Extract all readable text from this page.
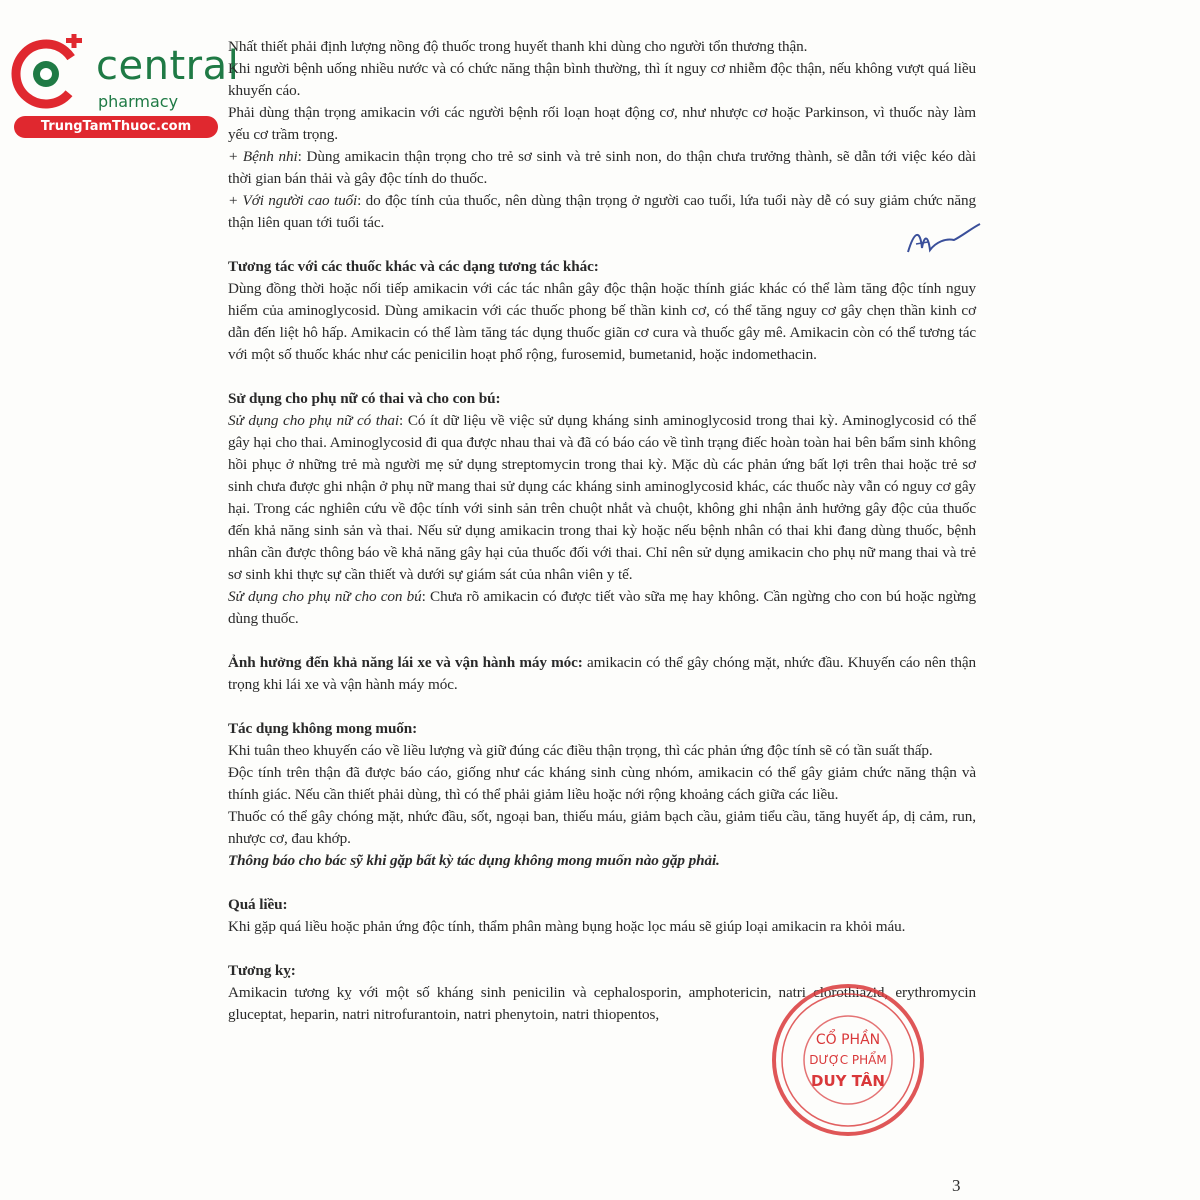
central
pharmacy
TrungTamThuoc.com

Nhất thiết phải định lượng nồng độ thuốc trong huyết thanh khi dùng cho người tổn thương thận.

Khi người bệnh uống nhiều nước và có chức năng thận bình thường, thì ít nguy cơ nhiễm độc thận, nếu không vượt quá liều khuyến cáo.

Phải dùng thận trọng amikacin với các người bệnh rối loạn hoạt động cơ, như nhược cơ hoặc Parkinson, vì thuốc này làm yếu cơ trầm trọng.

+ Bệnh nhi: Dùng amikacin thận trọng cho trẻ sơ sinh và trẻ sinh non, do thận chưa trưởng thành, sẽ dẫn tới việc kéo dài thời gian bán thải và gây độc tính do thuốc.

+ Với người cao tuổi: do độc tính của thuốc, nên dùng thận trọng ở người cao tuổi, lứa tuổi này dễ có suy giảm chức năng thận liên quan tới tuổi tác.

Tương tác với các thuốc khác và các dạng tương tác khác:

Dùng đồng thời hoặc nối tiếp amikacin với các tác nhân gây độc thận hoặc thính giác khác có thể làm tăng độc tính nguy hiểm của aminoglycosid. Dùng amikacin với các thuốc phong bế thần kinh cơ, có thể tăng nguy cơ gây chẹn thần kinh cơ dẫn đến liệt hô hấp. Amikacin có thể làm tăng tác dụng thuốc giãn cơ cura và thuốc gây mê. Amikacin còn có thể tương tác với một số thuốc khác như các penicilin hoạt phổ rộng, furosemid, bumetanid, hoặc indomethacin.

Sử dụng cho phụ nữ có thai và cho con bú:

Sử dụng cho phụ nữ có thai: Có ít dữ liệu về việc sử dụng kháng sinh aminoglycosid trong thai kỳ. Aminoglycosid có thể gây hại cho thai. Aminoglycosid đi qua được nhau thai và đã có báo cáo về tình trạng điếc hoàn toàn hai bên bẩm sinh không hồi phục ở những trẻ mà người mẹ sử dụng streptomycin trong thai kỳ. Mặc dù các phản ứng bất lợi trên thai hoặc trẻ sơ sinh chưa được ghi nhận ở phụ nữ mang thai sử dụng các kháng sinh aminoglycosid khác, các thuốc này vẫn có nguy cơ gây hại. Trong các nghiên cứu về độc tính với sinh sản trên chuột nhắt và chuột, không ghi nhận ảnh hưởng gây độc của thuốc đến khả năng sinh sản và thai. Nếu sử dụng amikacin trong thai kỳ hoặc nếu bệnh nhân có thai khi đang dùng thuốc, bệnh nhân cần được thông báo về khả năng gây hại của thuốc đối với thai. Chỉ nên sử dụng amikacin cho phụ nữ mang thai và trẻ sơ sinh khi thực sự cần thiết và dưới sự giám sát của nhân viên y tế.

Sử dụng cho phụ nữ cho con bú: Chưa rõ amikacin có được tiết vào sữa mẹ hay không. Cần ngừng cho con bú hoặc ngừng dùng thuốc.

Ảnh hưởng đến khả năng lái xe và vận hành máy móc: amikacin có thể gây chóng mặt, nhức đầu. Khuyến cáo nên thận trọng khi lái xe và vận hành máy móc.

Tác dụng không mong muốn:

Khi tuân theo khuyến cáo về liều lượng và giữ đúng các điều thận trọng, thì các phản ứng độc tính sẽ có tần suất thấp.

Độc tính trên thận đã được báo cáo, giống như các kháng sinh cùng nhóm, amikacin có thể gây giảm chức năng thận và thính giác. Nếu cần thiết phải dùng, thì có thể phải giảm liều hoặc nới rộng khoảng cách giữa các liều.

Thuốc có thể gây chóng mặt, nhức đầu, sốt, ngoại ban, thiếu máu, giảm bạch cầu, giảm tiểu cầu, tăng huyết áp, dị cảm, run, nhược cơ, đau khớp.

Thông báo cho bác sỹ khi gặp bất kỳ tác dụng không mong muốn nào gặp phải.

Quá liều:

Khi gặp quá liều hoặc phản ứng độc tính, thẩm phân màng bụng hoặc lọc máu sẽ giúp loại amikacin ra khỏi máu.

Tương kỵ:

Amikacin tương kỵ với một số kháng sinh penicilin và cephalosporin, amphotericin, natri clorothiazid, erythromycin gluceptat, heparin, natri nitrofurantoin, natri phenytoin, natri thiopentos,

CỔ PHẦN
DƯỢC PHẨM
DUY TÂN
3
